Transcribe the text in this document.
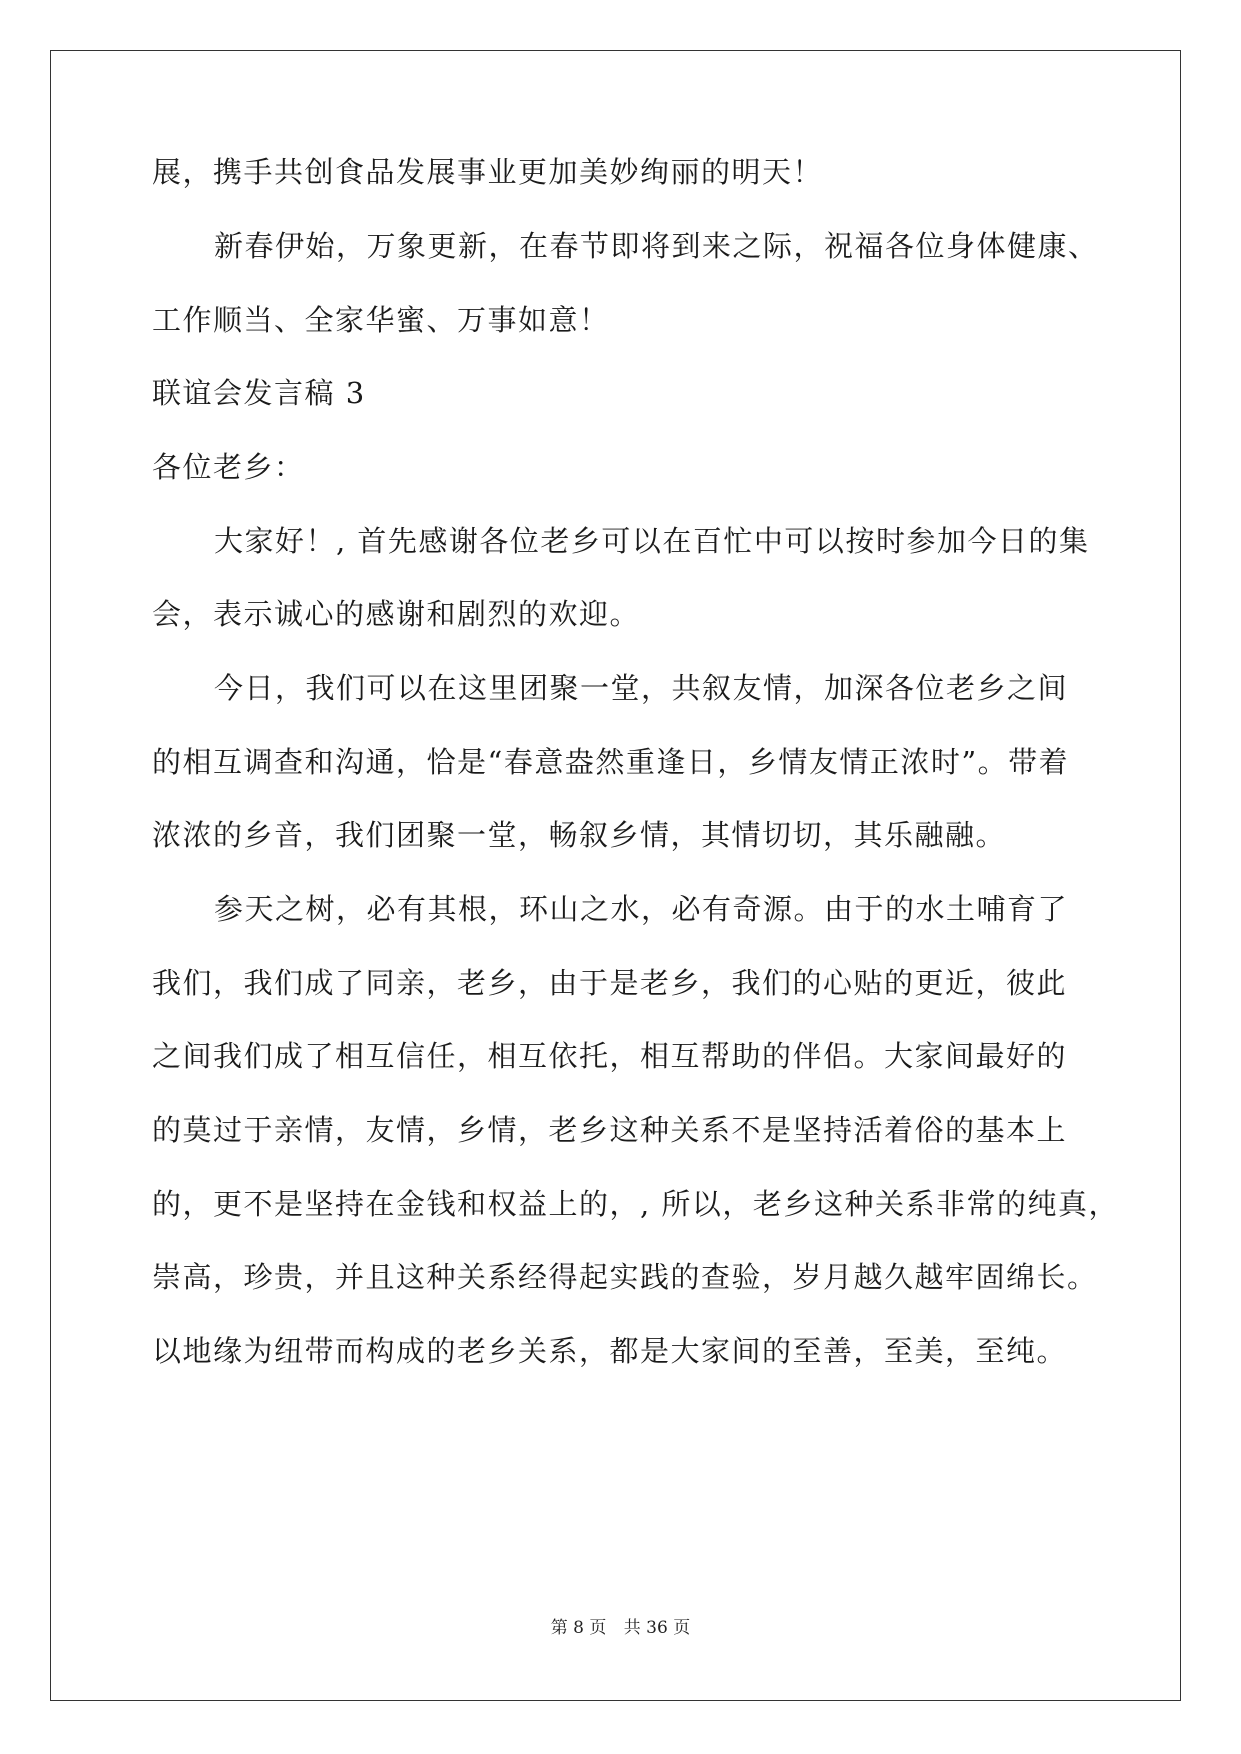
展，携手共创食品发展事业更加美妙绚丽的明天！
新春伊始，万象更新，在春节即将到来之际，祝福各位身体健康、
工作顺当、全家华蜜、万事如意！
联谊会发言稿 3
各位老乡：
大家好！, 首先感谢各位老乡可以在百忙中可以按时参加今日的集
会，表示诚心的感谢和剧烈的欢迎。
今日，我们可以在这里团聚一堂，共叙友情，加深各位老乡之间
的相互调查和沟通，恰是“春意盎然重逢日，乡情友情正浓时”。带着
浓浓的乡音，我们团聚一堂，畅叙乡情，其情切切，其乐融融。
参天之树，必有其根，环山之水，必有奇源。由于的水土哺育了
我们，我们成了同亲，老乡，由于是老乡，我们的心贴的更近，彼此
之间我们成了相互信任，相互依托，相互帮助的伴侣。大家间最好的
的莫过于亲情，友情，乡情，老乡这种关系不是坚持活着俗的基本上
的，更不是坚持在金钱和权益上的，, 所以，老乡这种关系非常的纯真，
崇高，珍贵，并且这种关系经得起实践的查验，岁月越久越牢固绵长。
以地缘为纽带而构成的老乡关系，都是大家间的至善，至美，至纯。
第 8 页 共 36 页
